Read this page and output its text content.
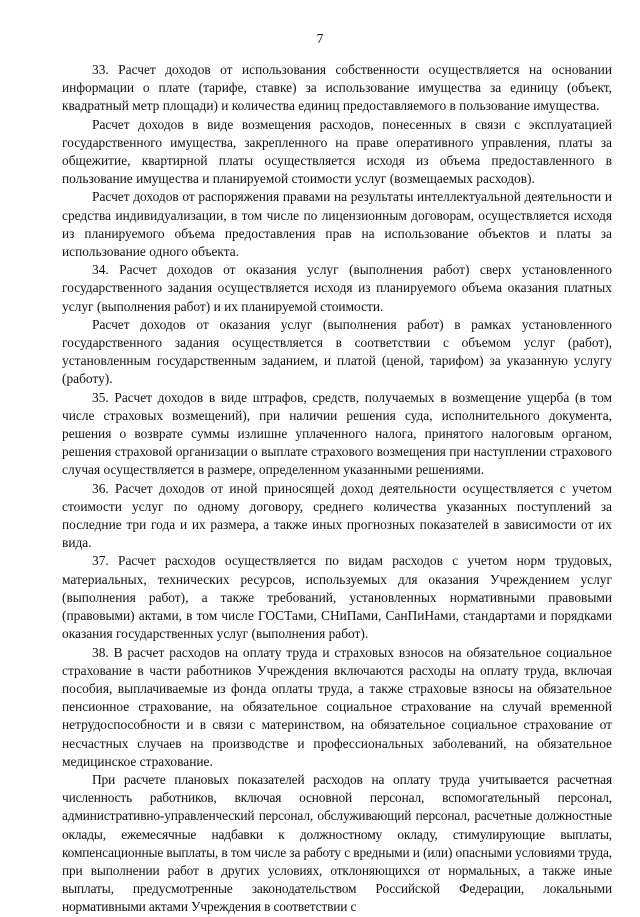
7

33. Расчет доходов от использования собственности осуществляется на основании информации о плате (тарифе, ставке) за использование имущества за единицу (объект, квадратный метр площади) и количества единиц предоставляемого в пользование имущества.

Расчет доходов в виде возмещения расходов, понесенных в связи с эксплуатацией государственного имущества, закрепленного на праве оперативного управления, платы за общежитие, квартирной платы осуществляется исходя из объема предоставленного в пользование имущества и планируемой стоимости услуг (возмещаемых расходов).

Расчет доходов от распоряжения правами на результаты интеллектуальной деятельности и средства индивидуализации, в том числе по лицензионным договорам, осуществляется исходя из планируемого объема предоставления прав на использование объектов и платы за использование одного объекта.

34. Расчет доходов от оказания услуг (выполнения работ) сверх установленного государственного задания осуществляется исходя из планируемого объема оказания платных услуг (выполнения работ) и их планируемой стоимости.

Расчет доходов от оказания услуг (выполнения работ) в рамках установленного государственного задания осуществляется в соответствии с объемом услуг (работ), установленным государственным заданием, и платой (ценой, тарифом) за указанную услугу (работу).

35. Расчет доходов в виде штрафов, средств, получаемых в возмещение ущерба (в том числе страховых возмещений), при наличии решения суда, исполнительного документа, решения о возврате суммы излишне уплаченного налога, принятого налоговым органом, решения страховой организации о выплате страхового возмещения при наступлении страхового случая осуществляется в размере, определенном указанными решениями.

36. Расчет доходов от иной приносящей доход деятельности осуществляется с учетом стоимости услуг по одному договору, среднего количества указанных поступлений за последние три года и их размера, а также иных прогнозных показателей в зависимости от их вида.

37. Расчет расходов осуществляется по видам расходов с учетом норм трудовых, материальных, технических ресурсов, используемых для оказания Учреждением услуг (выполнения работ), а также требований, установленных нормативными правовыми (правовыми) актами, в том числе ГОСТами, СНиПами, СанПиНами, стандартами и порядками оказания государственных услуг (выполнения работ).

38. В расчет расходов на оплату труда и страховых взносов на обязательное социальное страхование в части работников Учреждения включаются расходы на оплату труда, включая пособия, выплачиваемые из фонда оплаты труда, а также страховые взносы на обязательное пенсионное страхование, на обязательное социальное страхование на случай временной нетрудоспособности и в связи с материнством, на обязательное социальное страхование от несчастных случаев на производстве и профессиональных заболеваний, на обязательное медицинское страхование.

При расчете плановых показателей расходов на оплату труда учитывается расчетная численность работников, включая основной персонал, вспомогательный персонал, административно-управленческий персонал, обслуживающий персонал, расчетные должностные оклады, ежемесячные надбавки к должностному окладу, стимулирующие выплаты, компенсационные выплаты, в том числе за работу с вредными и (или) опасными условиями труда, при выполнении работ в других условиях, отклоняющихся от нормальных, а также иные выплаты, предусмотренные законодательством Российской Федерации, локальными нормативными актами Учреждения в соответствии с
